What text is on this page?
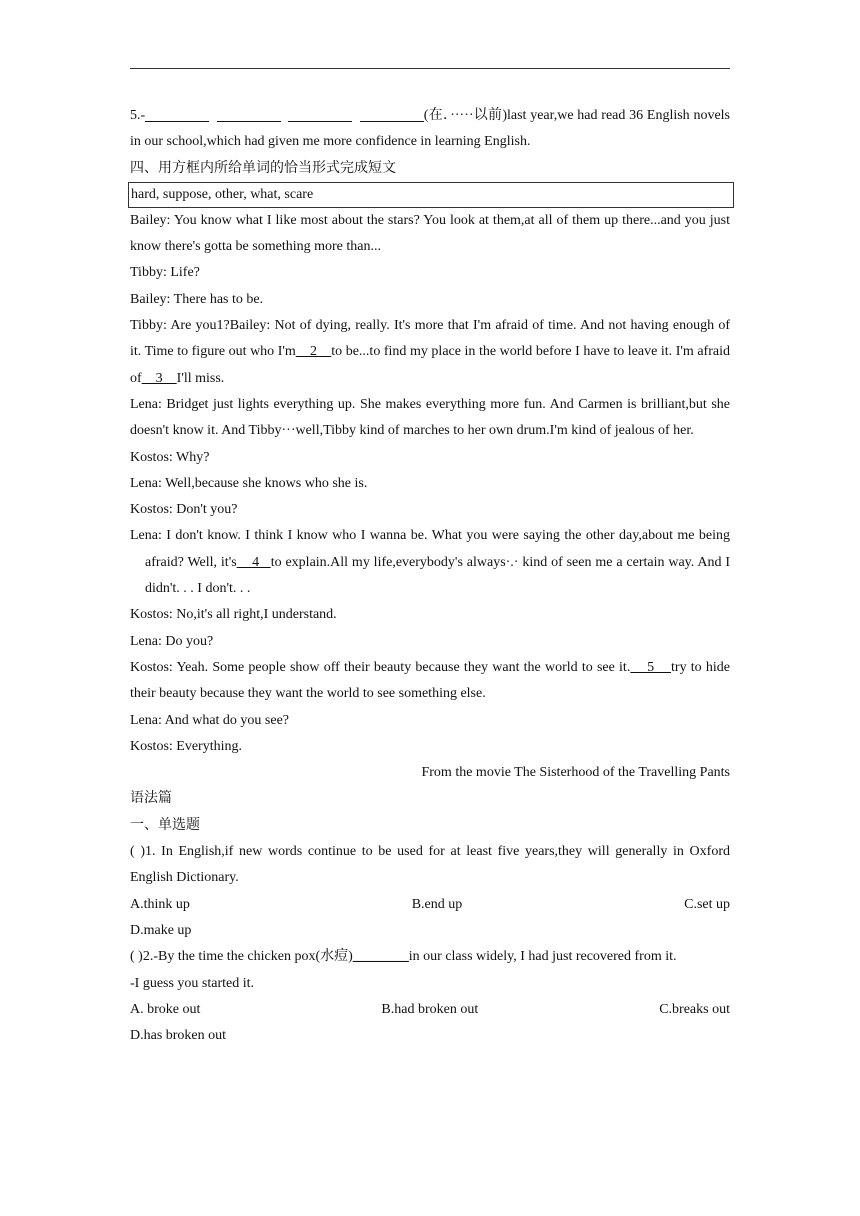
5.-	(在．·····以前)last year,we had read 36 English novels in our school,which had given me more confidence in learning English.

四、用方框内所给单词的恰当形式完成短文

hard, suppose, other, what, scare

Bailey: You know what I like most about the stars? You look at them,at all of them up there...and you just know there's gotta be something more than...

Tibby: Life?

Bailey: There has to be.

Tibby: Are you1?Bailey: Not of dying, really. It's more that I'm afraid of time. And not having enough of it. Time to figure out who I'm    2    to be...to find my place in the world before I have to leave it. I'm afraid of    3    I'll miss.

Lena: Bridget just lights everything up. She makes everything more fun. And Carmen is brilliant,but she doesn't know it. And Tibby···well,Tibby kind of marches to her own drum.I'm kind of jealous of her.

Kostos: Why?

Lena: Well,because she knows who she is.

Kostos: Don't you?

Lena: I don't know. I think I know who I wanna be. What you were saying the other day,about me being afraid? Well, it's    4   to explain.All my life,everybody's always·.· kind of seen me a certain way. And I didn't. . . I don't. . .

Kostos: No,it's all right,I understand.

Lena: Do you?

Kostos: Yeah. Some people show off their beauty because they want the world to see it.    5    try to hide their beauty because they want the world to see something else.

Lena: And what do you see?

Kostos: Everything.

From the movie The Sisterhood of the Travelling Pants

语法篇

一、单选题

( )1. In English,if new words continue to be used for at least five years,they will generally in Oxford English Dictionary.

A.think up	B.end up	C.set up

D.make up

( )2.-By the time the chicken pox(水痘)________in our class widely, I had just recovered from it.

-I guess you started it.

A. broke out	B.had broken out	C.breaks out

D.has broken out
